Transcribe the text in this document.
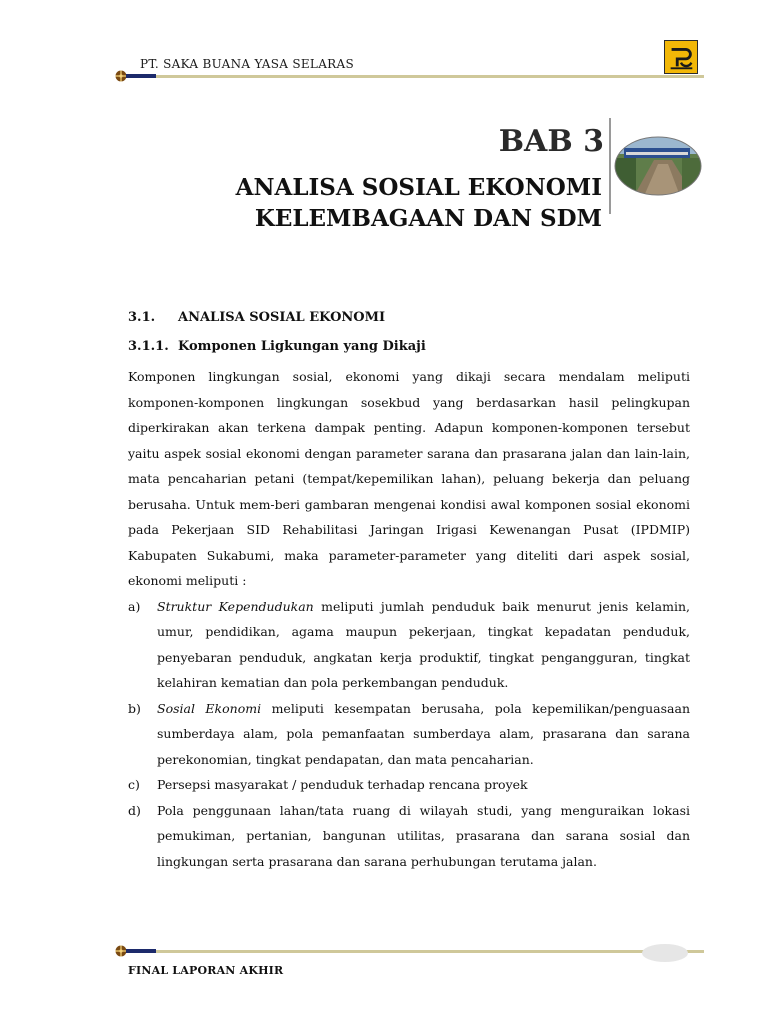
PT. SAKA BUANA YASA SELARAS
BAB 3
ANALISA SOSIAL EKONOMI
KELEMBAGAAN DAN SDM
3.1. ANALISA SOSIAL EKONOMI
3.1.1. Komponen Ligkungan yang Dikaji

Komponen lingkungan sosial, ekonomi yang dikaji secara mendalam meliputi komponen-komponen lingkungan sosekbud yang berdasarkan hasil pelingkupan diperkirakan akan terkena dampak penting. Adapun komponen-komponen tersebut yaitu aspek sosial ekonomi dengan parameter sarana dan prasarana jalan dan lain-lain, mata pencaharian petani (tempat/kepemilikan lahan), peluang bekerja dan peluang berusaha. Untuk mem-beri gambaran mengenai kondisi awal komponen sosial ekonomi pada Pekerjaan SID Rehabilitasi Jaringan Irigasi Kewenangan Pusat (IPDMIP) Kabupaten Sukabumi, maka parameter-parameter yang diteliti dari aspek sosial, ekonomi meliputi :

a) Struktur Kependudukan meliputi jumlah penduduk baik menurut jenis kelamin, umur, pendidikan, agama maupun pekerjaan, tingkat kepadatan penduduk, penyebaran penduduk, angkatan kerja produktif, tingkat pengangguran, tingkat kelahiran kematian dan pola perkembangan penduduk.
b) Sosial Ekonomi meliputi kesempatan berusaha, pola kepemilikan/penguasaan sumberdaya alam, pola pemanfaatan sumberdaya alam, prasarana dan sarana perekonomian, tingkat pendapatan, dan mata pencaharian.
c) Persepsi masyarakat / penduduk terhadap rencana proyek
d) Pola penggunaan lahan/tata ruang di wilayah studi, yang menguraikan lokasi pemukiman, pertanian, bangunan utilitas, prasarana dan sarana sosial dan lingkungan serta prasarana dan sarana perhubungan terutama jalan.
FINAL LAPORAN AKHIR
